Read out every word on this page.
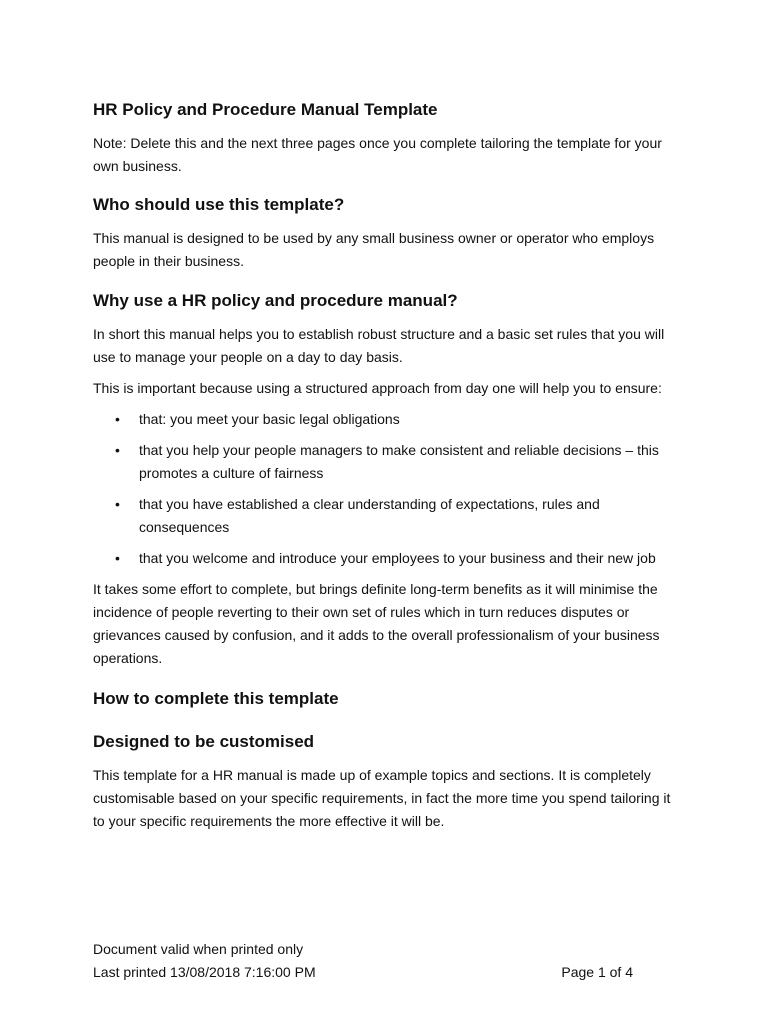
HR Policy and Procedure Manual Template

Note: Delete this and the next three pages once you complete tailoring the template for your own business.

Who should use this template?

This manual is designed to be used by any small business owner or operator who employs people in their business.

Why use a HR policy and procedure manual?

In short this manual helps you to establish robust structure and a basic set rules that you will use to manage your people on a day to day basis.

This is important because using a structured approach from day one will help you to ensure:

• that: you meet your basic legal obligations
• that you help your people managers to make consistent and reliable decisions – this promotes a culture of fairness
• that you have established a clear understanding of expectations, rules and consequences
• that you welcome and introduce your employees to your business and their new job

It takes some effort to complete, but brings definite long-term benefits as it will minimise the incidence of people reverting to their own set of rules which in turn reduces disputes or grievances caused by confusion, and it adds to the overall professionalism of your business operations.

How to complete this template
Designed to be customised

This template for a HR manual is made up of example topics and sections. It is completely customisable based on your specific requirements, in fact the more time you spend tailoring it to your specific requirements the more effective it will be.

Document valid when printed only
Last printed 13/08/2018 7:16:00 PM	Page 1 of 4
